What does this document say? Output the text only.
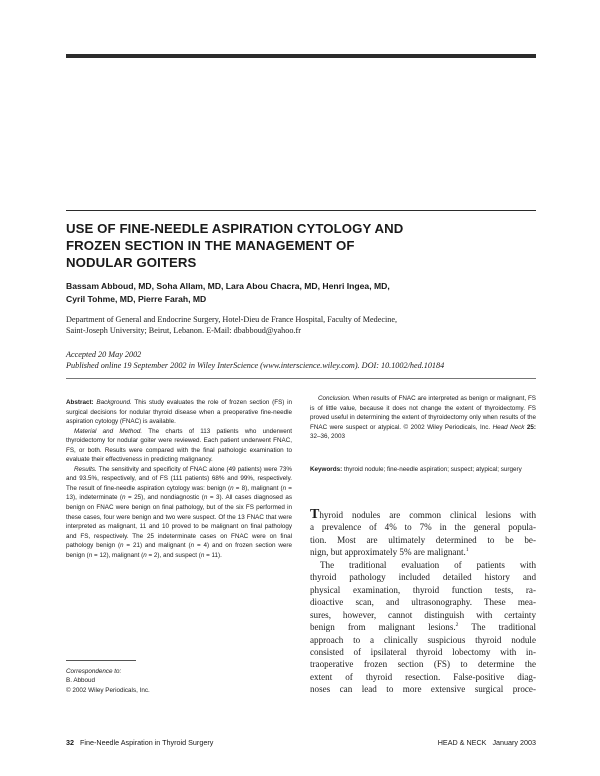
USE OF FINE-NEEDLE ASPIRATION CYTOLOGY AND
FROZEN SECTION IN THE MANAGEMENT OF
NODULAR GOITERS
Bassam Abboud, MD, Soha Allam, MD, Lara Abou Chacra, MD, Henri Ingea, MD,
Cyril Tohme, MD, Pierre Farah, MD
Department of General and Endocrine Surgery, Hotel-Dieu de France Hospital, Faculty of Medecine,
Saint-Joseph University; Beirut, Lebanon. E-Mail: dbabboud@yahoo.fr
Accepted 20 May 2002
Published online 19 September 2002 in Wiley InterScience (www.interscience.wiley.com). DOI: 10.1002/hed.10184
Abstract: Background. This study evaluates the role of frozen section (FS) in surgical decisions for nodular thyroid disease when a preoperative fine-needle aspiration cytology (FNAC) is available.
Material and Method. The charts of 113 patients who underwent thyroidectomy for nodular goiter were reviewed. Each patient underwent FNAC, FS, or both. Results were compared with the final pathologic examination to evaluate their effectiveness in predicting malignancy.
Results. The sensitivity and specificity of FNAC alone (49 patients) were 73% and 93.5%, respectively, and of FS (111 patients) 68% and 99%, respectively. The result of fine-needle aspiration cytology was: benign (n = 8), malignant (n = 13), indeterminate (n = 25), and nondiagnostic (n = 3). All cases diagnosed as benign on FNAC were benign on final pathology, but of the six FS performed in these cases, four were benign and two were suspect. Of the 13 FNAC that were interpreted as malignant, 11 and 10 proved to be malignant on final pathology and FS, respectively. The 25 indeterminate cases on FNAC were on final pathology benign (n = 21) and malignant (n = 4) and on frozen section were benign (n = 12), malignant (n = 2), and suspect (n = 11).
Conclusion. When results of FNAC are interpreted as benign or malignant, FS is of little value, because it does not change the extent of thyroidectomy. FS proved useful in determining the extent of thyroidectomy only when results of the FNAC were suspect or atypical. © 2002 Wiley Periodicals, Inc. Head Neck 25: 32–36, 2003
Keywords: thyroid nodule; fine-needle aspiration; suspect; atypical; surgery
Thyroid nodules are common clinical lesions with
a prevalence of 4% to 7% in the general popula-
tion. Most are ultimately determined to be be-
nign, but approximately 5% are malignant.$^1$
The traditional evaluation of patients with
thyroid pathology included detailed history and
physical examination, thyroid function tests, ra-
dioactive scan, and ultrasonography. These mea-
sures, however, cannot distinguish with certainty
benign from malignant lesions.$^2$ The traditional
approach to a clinically suspicious thyroid nodule
consisted of ipsilateral thyroid lobectomy with in-
traoperative frozen section (FS) to determine the
extent of thyroid resection. False-positive diag-
noses can lead to more extensive surgical proce-
Correspondence to:
B. Abboud
© 2002 Wiley Periodicals, Inc.
32 Fine-Needle Aspiration in Thyroid Surgery	HEAD & NECK January 2003
